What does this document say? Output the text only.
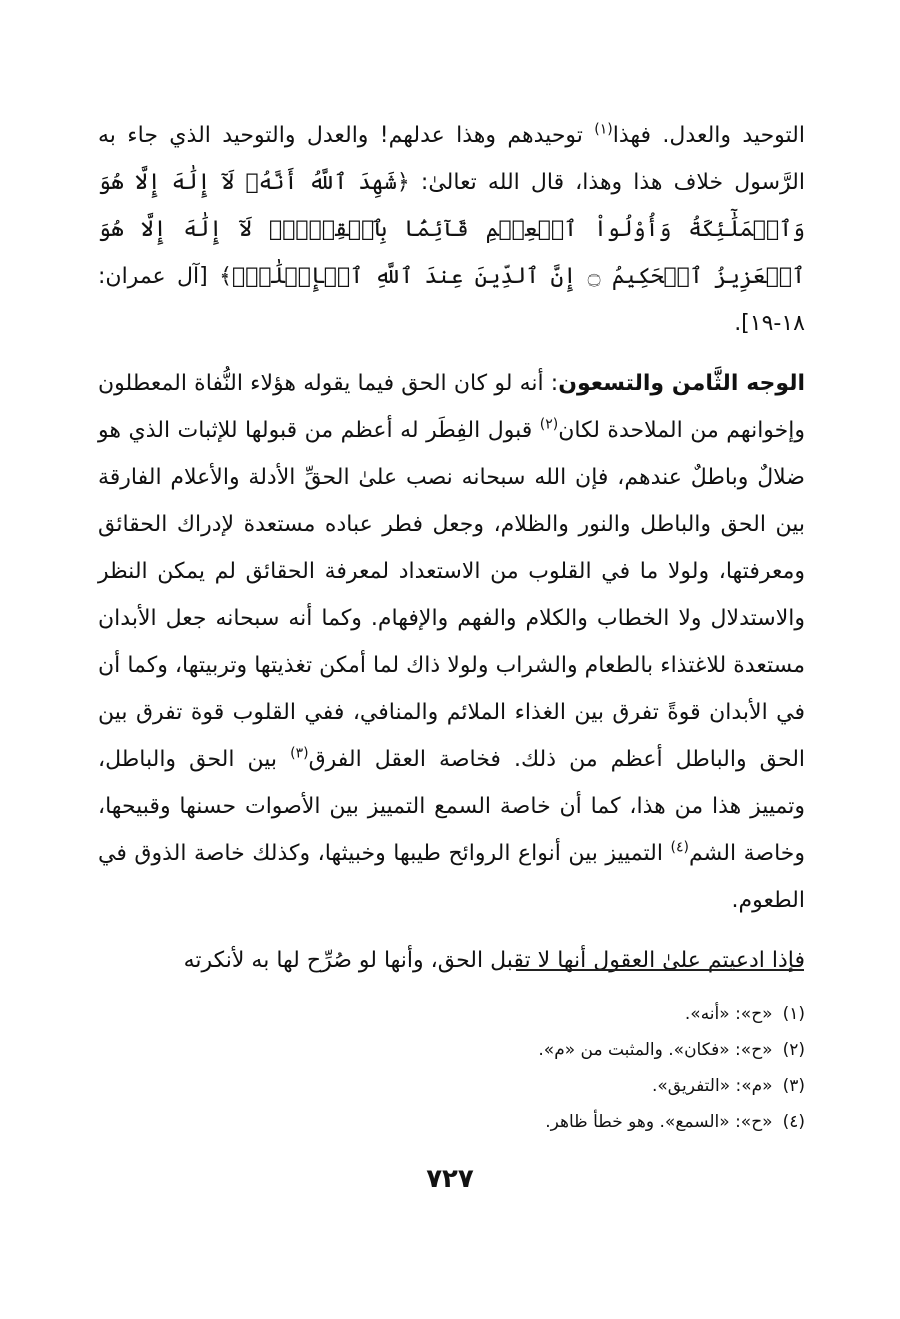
التوحيد والعدل. فهذا$^{(١)}$ توحيدهم وهذا عدلهم! والعدل والتوحيد الذي جاء به الرَّسول خلاف هذا وهذا، قال الله تعالىٰ: ﴿شَهِدَ ٱللَّهُ أَنَّهُۥ لَآ إِلَٰهَ إِلَّا هُوَ وَٱلۡمَلَٰٓئِكَةُ وَأُوْلُواْ ٱلۡعِلۡمِ قَآئِمَۢا بِٱلۡقِسۡطِۚ لَآ إِلَٰهَ إِلَّا هُوَ ٱلۡعَزِيزُ ٱلۡحَكِيمُ ۝ إِنَّ ٱلدِّينَ عِندَ ٱللَّهِ ٱلۡإِسۡلَٰمُۗ﴾ [آل عمران: ١٨-١٩].

الوجه الثَّامن والتسعون: أنه لو كان الحق فيما يقوله هؤلاء النُّفاة المعطلون وإخوانهم من الملاحدة لكان$^{(٢)}$ قبول الفِطَر له أعظم من قبولها للإثبات الذي هو ضلالٌ وباطلٌ عندهم، فإن الله سبحانه نصب علىٰ الحقِّ الأدلة والأعلام الفارقة بين الحق والباطل والنور والظلام، وجعل فطر عباده مستعدة لإدراك الحقائق ومعرفتها، ولولا ما في القلوب من الاستعداد لمعرفة الحقائق لم يمكن النظر والاستدلال ولا الخطاب والكلام والفهم والإفهام. وكما أنه سبحانه جعل الأبدان مستعدة للاغتذاء بالطعام والشراب ولولا ذاك لما أمكن تغذيتها وتربيتها، وكما أن في الأبدان قوةً تفرق بين الغذاء الملائم والمنافي، ففي القلوب قوة تفرق بين الحق والباطل أعظم من ذلك. فخاصة العقل الفرق$^{(٣)}$ بين الحق والباطل، وتمييز هذا من هذا، كما أن خاصة السمع التمييز بين الأصوات حسنها وقبيحها، وخاصة الشم$^{(٤)}$ التمييز بين أنواع الروائح طيبها وخبيثها، وكذلك خاصة الذوق في الطعوم.

فإذا ادعيتم علىٰ العقول أنها لا تقبل الحق، وأنها لو صُرِّح لها به لأنكرته

(١)«ح»: «أنه».
(٢)«ح»: «فكان». والمثبت من «م».
(٣)«م»: «التفريق».
(٤)«ح»: «السمع». وهو خطأ ظاهر.
٧٢٧
